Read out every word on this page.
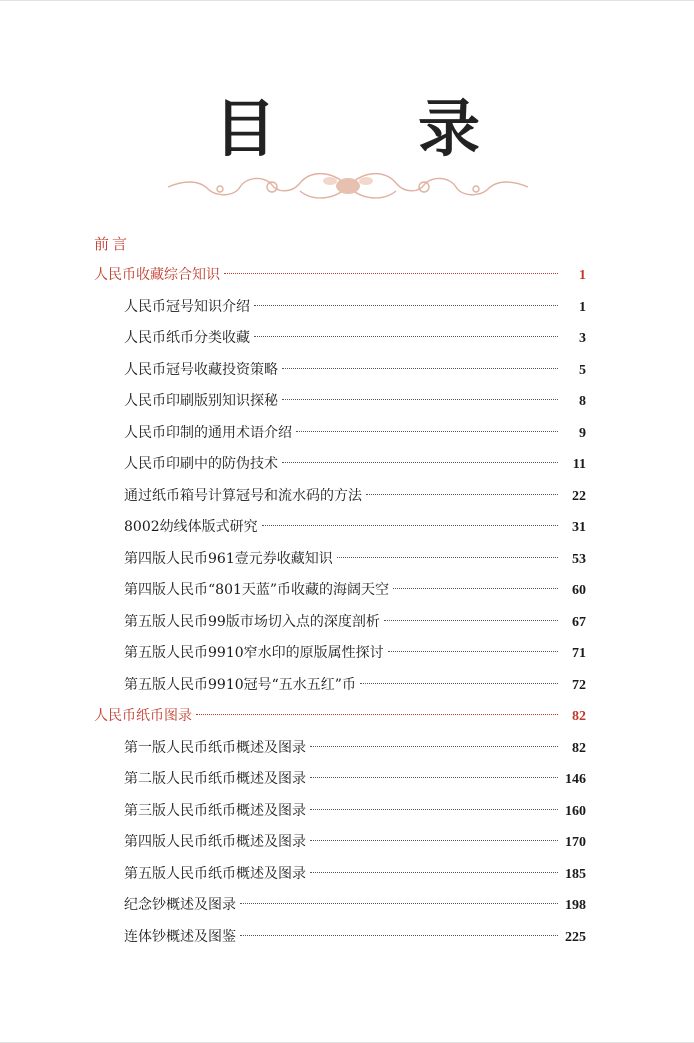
目　录
前言
人民币收藏综合知识	1
人民币冠号知识介绍	1
人民币纸币分类收藏	3
人民币冠号收藏投资策略	5
人民币印刷版别知识探秘	8
人民币印制的通用术语介绍	9
人民币印刷中的防伪技术	11
通过纸币箱号计算冠号和流水码的方法	22
8002幼线体版式研究	31
第四版人民币961壹元券收藏知识	53
第四版人民币“801天蓝”币收藏的海阔天空	60
第五版人民币99版市场切入点的深度剖析	67
第五版人民币9910窄水印的原版属性探讨	71
第五版人民币9910冠号“五水五红”币	72
人民币纸币图录	82
第一版人民币纸币概述及图录	82
第二版人民币纸币概述及图录	146
第三版人民币纸币概述及图录	160
第四版人民币纸币概述及图录	170
第五版人民币纸币概述及图录	185
纪念钞概述及图录	198
连体钞概述及图鉴	225
